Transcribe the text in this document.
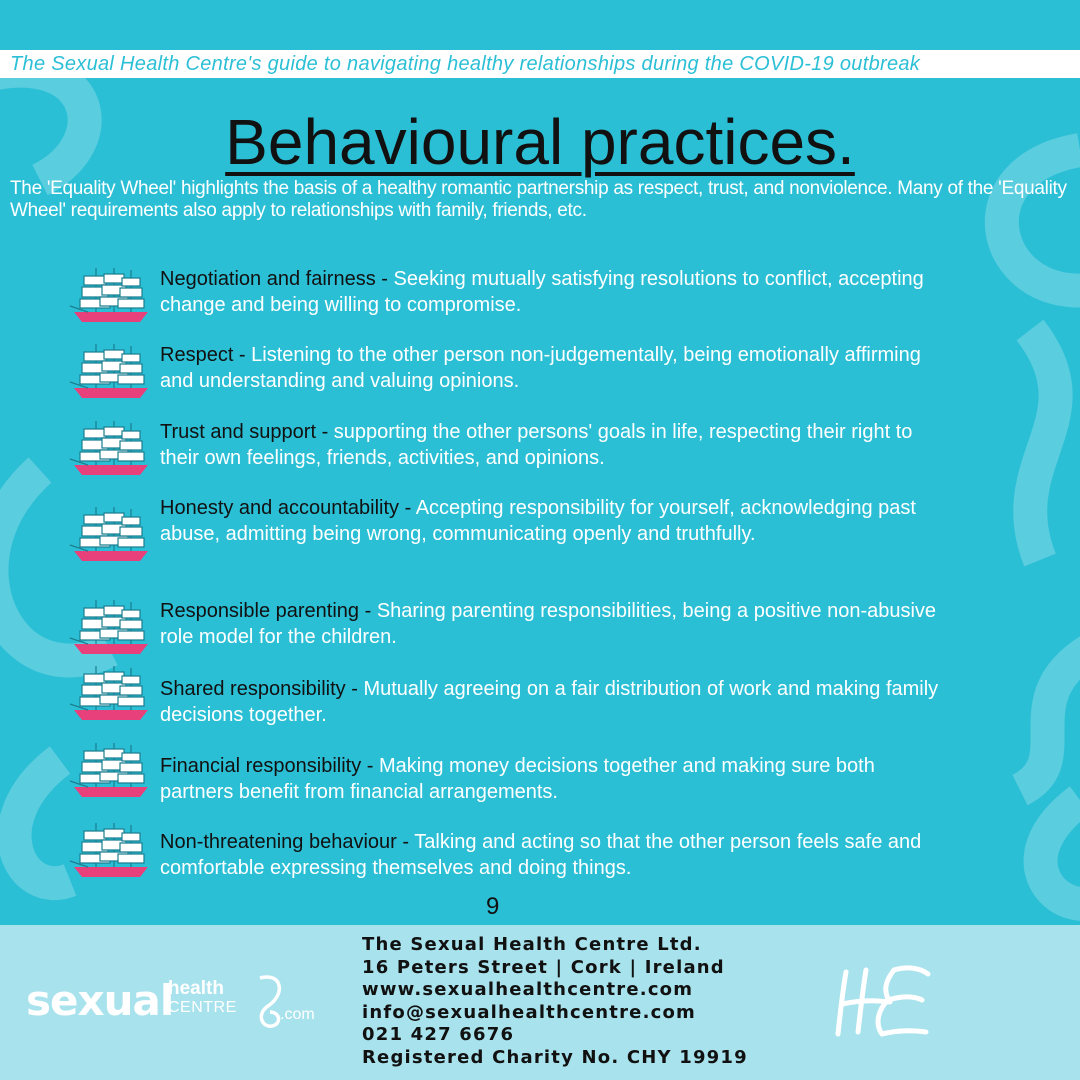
The Sexual Health Centre's guide to navigating healthy relationships during the COVID-19 outbreak
Behavioural practices.
The 'Equality Wheel' highlights the basis of a healthy romantic partnership as respect, trust, and nonviolence. Many of the 'Equality Wheel' requirements also apply to relationships with family, friends, etc.
Negotiation and fairness - Seeking mutually satisfying resolutions to conflict, accepting change and being willing to compromise.
Respect - Listening to the other person non-judgementally, being emotionally affirming and understanding and valuing opinions.
Trust and support - supporting the other persons' goals in life, respecting their right to their own feelings, friends, activities, and opinions.
Honesty and accountability - Accepting responsibility for yourself, acknowledging past abuse, admitting being wrong, communicating openly and truthfully.
Responsible parenting - Sharing parenting responsibilities, being a positive non-abusive role model for the children.
Shared responsibility - Mutually agreeing on a fair distribution of work and making family decisions together.
Financial responsibility - Making money decisions together and making sure both partners benefit from financial arrangements.
Non-threatening behaviour - Talking and acting so that the other person feels safe and comfortable expressing themselves and doing things.
9
sexual
health
CENTRE	.com
The Sexual Health Centre Ltd.
16 Peters Street | Cork | Ireland
www.sexualhealthcentre.com
info@sexualhealthcentre.com
021 427 6676
Registered Charity No. CHY 19919
